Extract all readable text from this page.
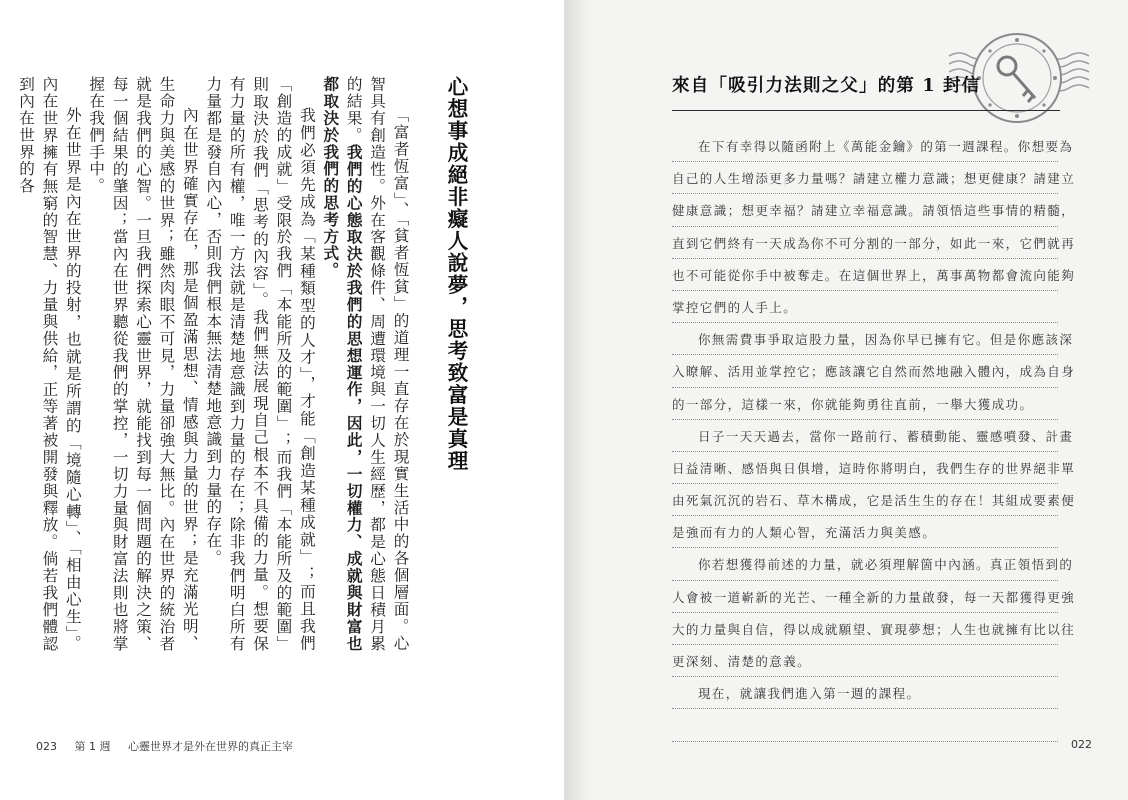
心想事成絕非癡人說夢，思考致富是真理

「富者恆富」、「貧者恆貧」的道理一直存在於現實生活中的各個層面。心智具有創造性。外在客觀條件、周遭環境與一切人生經歷，都是心態日積月累的結果。我們的心態取決於我們的思想運作，因此，一切權力、成就與財富也都取決於我們的思考方式。

我們必須先成為「某種類型的人才」，才能「創造某種成就」；而且我們「創造的成就」受限於我們「本能所及的範圍」；而我們「本能所及的範圍」則取決於我們「思考的內容」。我們無法展現自己根本不具備的力量。想要保有力量的所有權，唯一方法就是清楚地意識到力量的存在；除非我們明白所有力量都是發自內心，否則我們根本無法清楚地意識到力量的存在。

內在世界確實存在，那是個盈滿思想、情感與力量的世界；是充滿光明、生命力與美感的世界；雖然肉眼不可見，力量卻強大無比。內在世界的統治者就是我們的心智。一旦我們探索心靈世界，就能找到每一個問題的解決之策、每一個結果的肇因；當內在世界聽從我們的掌控，一切力量與財富法則也將掌握在我們手中。

外在世界是內在世界的投射，也就是所謂的「境隨心轉」、「相由心生」。內在世界擁有無窮的智慧、力量與供給，正等著被開發與釋放。倘若我們體認到內在世界的各

023 第 1 週 心靈世界才是外在世界的真正主宰
來自「吸引力法則之父」的第 1 封信
在下有幸得以隨函附上《萬能金鑰》的第一週課程。你想要為
自己的人生增添更多力量嗎？請建立權力意識；想更健康？請建立
健康意識；想更幸福？請建立幸福意識。請領悟這些事情的精髓，
直到它們終有一天成為你不可分割的一部分，如此一來，它們就再
也不可能從你手中被奪走。在這個世界上，萬事萬物都會流向能夠
掌控它們的人手上。
你無需費事爭取這股力量，因為你早已擁有它。但是你應該深
入瞭解、活用並掌控它；應該讓它自然而然地融入體內，成為自身
的一部分，這樣一來，你就能夠勇往直前，一舉大獲成功。
日子一天天過去，當你一路前行、蓄積動能、靈感噴發、計畫
日益清晰、感悟與日俱增，這時你將明白，我們生存的世界絕非單
由死氣沉沉的岩石、草木構成，它是活生生的存在！其組成要素便
是強而有力的人類心智，充滿活力與美感。
你若想獲得前述的力量，就必須理解箇中內涵。真正領悟到的
人會被一道嶄新的光芒、一種全新的力量啟發，每一天都獲得更強
大的力量與自信，得以成就願望、實現夢想；人生也就擁有比以往
更深刻、清楚的意義。
現在，就讓我們進入第一週的課程。
022
